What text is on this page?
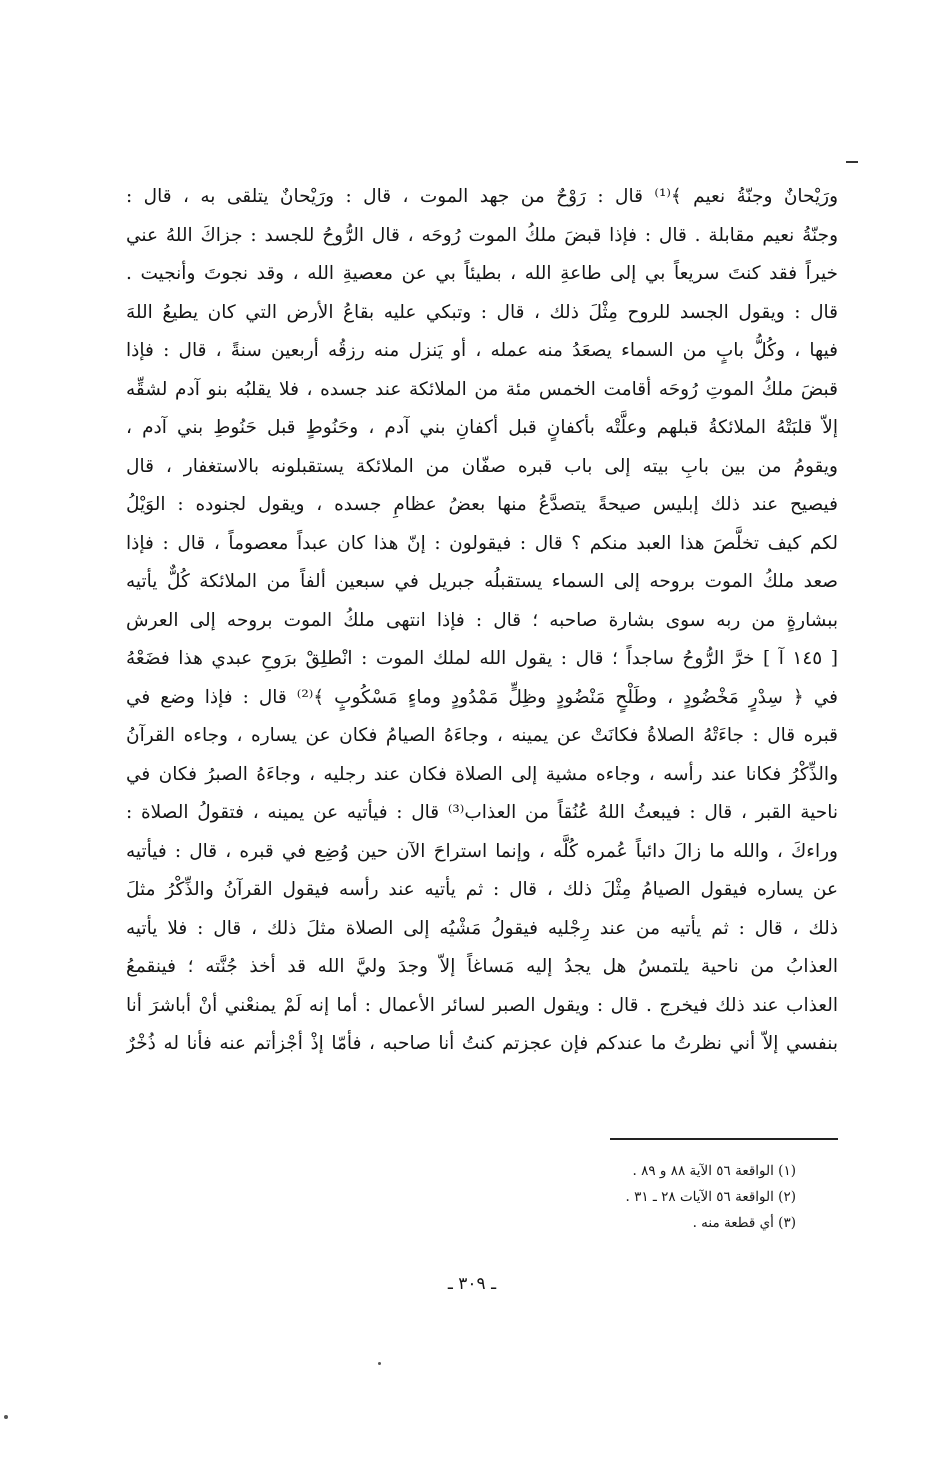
ورَيْحانٌ وجنّةُ نعيم ﴾⁽¹⁾ قال : رَوْحٌ من جهد الموت ، قال : ورَيْحانٌ يتلقى به ، قال :
وجنّةُ نعيم مقابلة . قال : فإذا قبضَ ملكُ الموت رُوحَه ، قال الرُّوحُ للجسد : جزاكَ اللهُ عني
خيراً فقد كنتَ سريعاً بي إلى طاعةِ الله ، بطيئاً بي عن معصيةِ الله ، وقد نجوتَ وأنجيت .
قال : ويقول الجسد للروح مِثْلَ ذلك ، قال : وتبكي عليه بقاعُ الأرض التي كان يطيعُ اللهَ
فيها ، وكُلُّ بابٍ من السماء يصعَدُ منه عمله ، أو يَنزل منه رزقُه أربعين سنةً ، قال : فإذا
قبضَ ملكُ الموتِ رُوحَه أقامت الخمس مئة من الملائكة عند جسده ، فلا يقلبُه بنو آدم لشقِّه
إلاّ قلبَتْهُ الملائكةُ قبلهم وعلَّتْه بأكفانٍ قبل أكفانِ بني آدم ، وحَنُوطٍ قبل حَنُوطِ بني آدم ،
ويقومُ من بين بابِ بيته إلى باب قبره صفّان من الملائكة يستقبلونه بالاستغفار ، قال
فيصيح عند ذلك إبليس صيحةً يتصدَّعُ منها بعضُ عظامِ جسده ، ويقول لجنوده : الوَيْلُ
لكم كيف تخلَّصَ هذا العبد منكم ؟ قال : فيقولون : إنّ هذا كان عبداً معصوماً ، قال : فإذا
صعد ملكُ الموت بروحه إلى السماء يستقبلُه جبريل في سبعين ألفاً من الملائكة كُلٌّ يأتيه
ببشارةٍ من ربه سوى بشارة صاحبه ؛ قال : فإذا انتهى ملكُ الموت بروحه إلى العرش
[ ١٤٥ آ ] خرَّ الرُّوحُ ساجداً ؛ قال : يقول الله لملك الموت : انْطلِقْ برَوحِ عبدي هذا فضَعْهُ
في ﴿ سِدْرٍ مَخْضُودٍ ، وطَلْحٍ مَنْضُودٍ وظِلٍّ مَمْدُودٍ وماءٍ مَسْكُوبٍ ﴾⁽²⁾ قال : فإذا وضع في
قبره قال : جاءَتْهُ الصلاةُ فكانَتْ عن يمينه ، وجاءَهُ الصيامُ فكان عن يساره ، وجاءه القرآنُ
والذِّكْرُ فكانا عند رأسه ، وجاءه مشية إلى الصلاة فكان عند رجليه ، وجاءَهُ الصبرُ فكان في
ناحية القبر ، قال : فيبعثُ اللهُ عُنُقاً من العذاب⁽³⁾ قال : فيأتيه عن يمينه ، فتقولُ الصلاة :
وراءكَ ، والله ما زالَ دائباً عُمره كُلَّه ، وإنما استراحَ الآن حين وُضِع في قبره ، قال : فيأتيه
عن يساره فيقول الصيامُ مِثْلَ ذلك ، قال : ثم يأتيه عند رأسه فيقول القرآنُ والذِّكْرُ مثلَ
ذلك ، قال : ثم يأتيه من عند رِجْليه فيقولُ مَشْيُه إلى الصلاة مثلَ ذلك ، قال : فلا يأتيه
العذابُ من ناحية يلتمسُ هل يجدُ إليه مَساغاً إلاّ وجدَ وليَّ الله قد أخذ جُنَّته ؛ فينقمعُ
العذاب عند ذلك فيخرج . قال : ويقول الصبر لسائر الأعمال : أما إنه لَمْ يمنعْني أنْ أباشرَ أنا
بنفسي إلاّ أني نظرتُ ما عندكم فإن عجزتم كنتُ أنا صاحبه ، فأمّا إذْ أجْزأتم عنه فأنا له ذُخْرٌ
(١) الواقعة ٥٦ الآية ٨٨ و ٨٩ .
(٢) الواقعة ٥٦ الآيات ٢٨ ـ ٣١ .
(٣) أي قطعة منه .
ـ ٣٠٩ ـ
